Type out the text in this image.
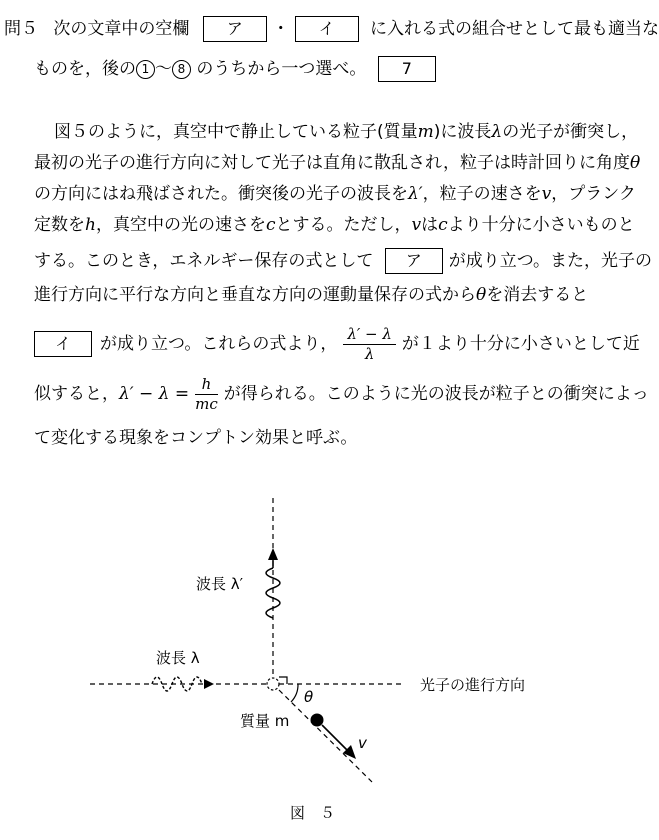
問５ 次の文章中の空欄 ア ・ イ に入れる式の組合せとして最も適当な
ものを，後の 1 〜 8 のうちから一つ選べ。 7
図５のように，真空中で静止している粒子(質量m)に波長λの光子が衝突し，
最初の光子の進行方向に対して光子は直角に散乱され，粒子は時計回りに角度θ
の方向にはね飛ばされた。衝突後の光子の波長をλ′，粒子の速さをv，プランク
定数をh，真空中の光の速さをcとする。ただし，vはcより十分に小さいものと
する。このとき，エネルギー保存の式として ア が成り立つ。また，光子の
進行方向に平行な方向と垂直な方向の運動量保存の式からθを消去すると
イ が成り立つ。これらの式より， $\frac{\lambda' - \lambda}{\lambda}$ が１より十分に小さいとして近
似すると，$\lambda' - \lambda = \frac{h}{mc}$ が得られる。このように光の波長が粒子との衝突によっ
て変化する現象をコンプトン効果と呼ぶ。
波長 λ′
波長 λ
光子の進行方向
θ
質量 m
v
図　５
